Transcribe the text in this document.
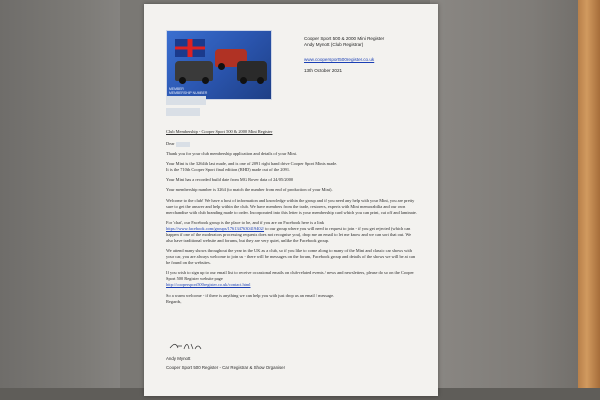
MEMBER
MEMBERSHIP NUMBER
Cooper Sport 500 & 2000 Mini Register
Andy Mynott (Club Registrar)
www.coopersport500register.co.uk
13th October 2021

Club Membership - Cooper Sport 500 & 2000 Mini Register

Dear

Thank you for your club membership application and details of your Mini.

Your Mini is the 3264th last made, and is one of 2091 right hand drive Cooper Sport Minis made.
It is the 710th Cooper Sport final edition (RHD) made out of the 2091.

Your Mini has a recorded build date from MG Rover data of 24/05/2000

Your membership number is 3264 (to match the number from end of production of your Mini).

Welcome to the club! We have a host of information and knowledge within the group and if you need any help with your Mini, you are pretty sure to get the answer and help within the club. We have members from the trade, restorers, experts with Mini memorabilia and our own merchandise with club branding made to order. Incorporated into this letter is your membership card which you can print, cut off and laminate.

For 'chat', our Facebook group is the place to be, and if you are on Facebook here is a link https://www.facebook.com/groups/1761347630419402/ to our group where you will need to request to join - if you get rejected (which can happen if one of the moderators processing requests does not recognise you), drop me an email to let me know and we can sort that out. We also have traditional website and forums, but they are very quiet, unlike the Facebook group.

We attend many shows throughout the year in the UK as a club, so if you like to come along to many of the Mini and classic car shows with your car, you are always welcome to join us - there will be messages on the forum, Facebook group and details of the shows we will be at can be found on the websites.

If you wish to sign up to our email list to receive occasional emails on club-related events / news and newsletters, please do so on the Cooper Sport 500 Register website page
http://coopersport500register.co.uk/contact.html

So a warm welcome - if there is anything we can help you with just drop us an email / message.
Regards,

Andy Mynott
Cooper Sport 500 Register - Car Registrar & Show Organiser
